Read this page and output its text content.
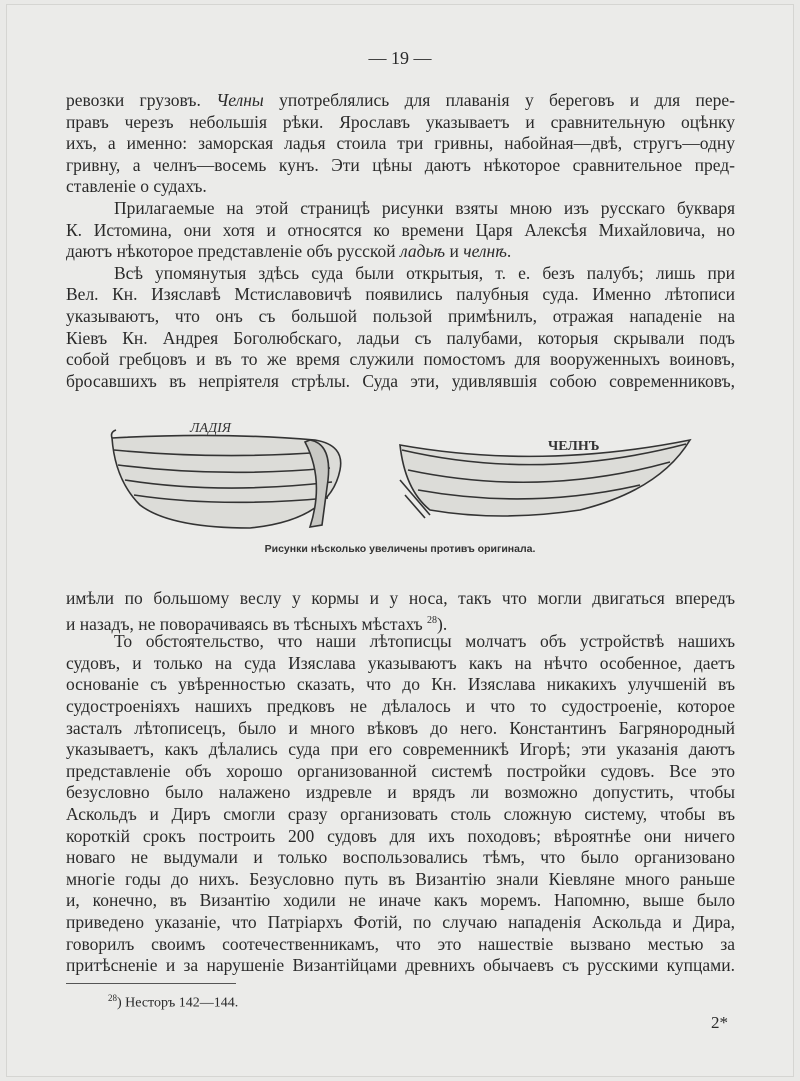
— 19 —
ревозки грузовъ. Челны употреблялись для плаванія у береговъ и для пере-
правъ черезъ небольшія рѣки. Ярославъ указываетъ и сравнительную оцѣнку
ихъ, а именно: заморская ладья стоила три гривны, набойная—двѣ, стругъ—одну
гривну, а челнъ—восемь кунъ. Эти цѣны даютъ нѣкоторое сравнительное пред-
ставленіе о судахъ.
Прилагаемые на этой страницѣ рисунки взяты мною изъ русскаго букваря
К. Истомина, они хотя и относятся ко времени Царя Алексѣя Михайловича, но
даютъ нѣкоторое представленіе объ русской ладьѣ и челнѣ.
Всѣ упомянутыя здѣсь суда были открытыя, т. е. безъ палубъ; лишь при
Вел. Кн. Изяславѣ Мстиславовичѣ появились палубныя суда. Именно лѣтописи
указываютъ, что онъ съ большой пользой примѣнилъ, отражая нападеніе на
Кіевъ Кн. Андрея Боголюбскаго, ладьи съ палубами, которыя скрывали подъ
собой гребцовъ и въ то же время служили помостомъ для вооруженныхъ воиновъ,
бросавшихъ въ непріятеля стрѣлы. Суда эти, удивлявшія собою современниковъ,
ЛАДІЯ
ЧЕЛНЪ
Рисунки нѣсколько увеличены противъ оригинала.
имѣли по большому веслу у кормы и у носа, такъ что могли двигаться впередъ
и назадъ, не поворачиваясь въ тѣсныхъ мѣстахъ $^{28}$).
То обстоятельство, что наши лѣтописцы молчатъ объ устройствѣ нашихъ
судовъ, и только на суда Изяслава указываютъ какъ на нѣчто особенное, даетъ
основаніе съ увѣренностью сказать, что до Кн. Изяслава никакихъ улучшеній въ
судостроеніяхъ нашихъ предковъ не дѣлалось и что то судостроеніе, которое
засталъ лѣтописецъ, было и много вѣковъ до него. Константинъ Багрянородный
указываетъ, какъ дѣлались суда при его современникѣ Игорѣ; эти указанія даютъ
представленіе объ хорошо организованной системѣ постройки судовъ. Все это
безусловно было налажено издревле и врядъ ли возможно допустить, чтобы
Аскольдъ и Диръ смогли сразу организовать столь сложную систему, чтобы въ
короткій срокъ построить 200 судовъ для ихъ походовъ; вѣроятнѣе они ничего
новаго не выдумали и только воспользовались тѣмъ, что было организовано
многіе годы до нихъ. Безусловно путь въ Византію знали Кіевляне много раньше
и, конечно, въ Византію ходили не иначе какъ моремъ. Напомню, выше было
приведено указаніе, что Патріархъ Фотій, по случаю нападенія Аскольда и Дира,
говорилъ своимъ соотечественникамъ, что это нашествіе вызвано местью за
притѣсненіе и за нарушеніе Византійцами древнихъ обычаевъ съ русскими купцами.
$^{28}$) Несторъ 142—144.
2*
